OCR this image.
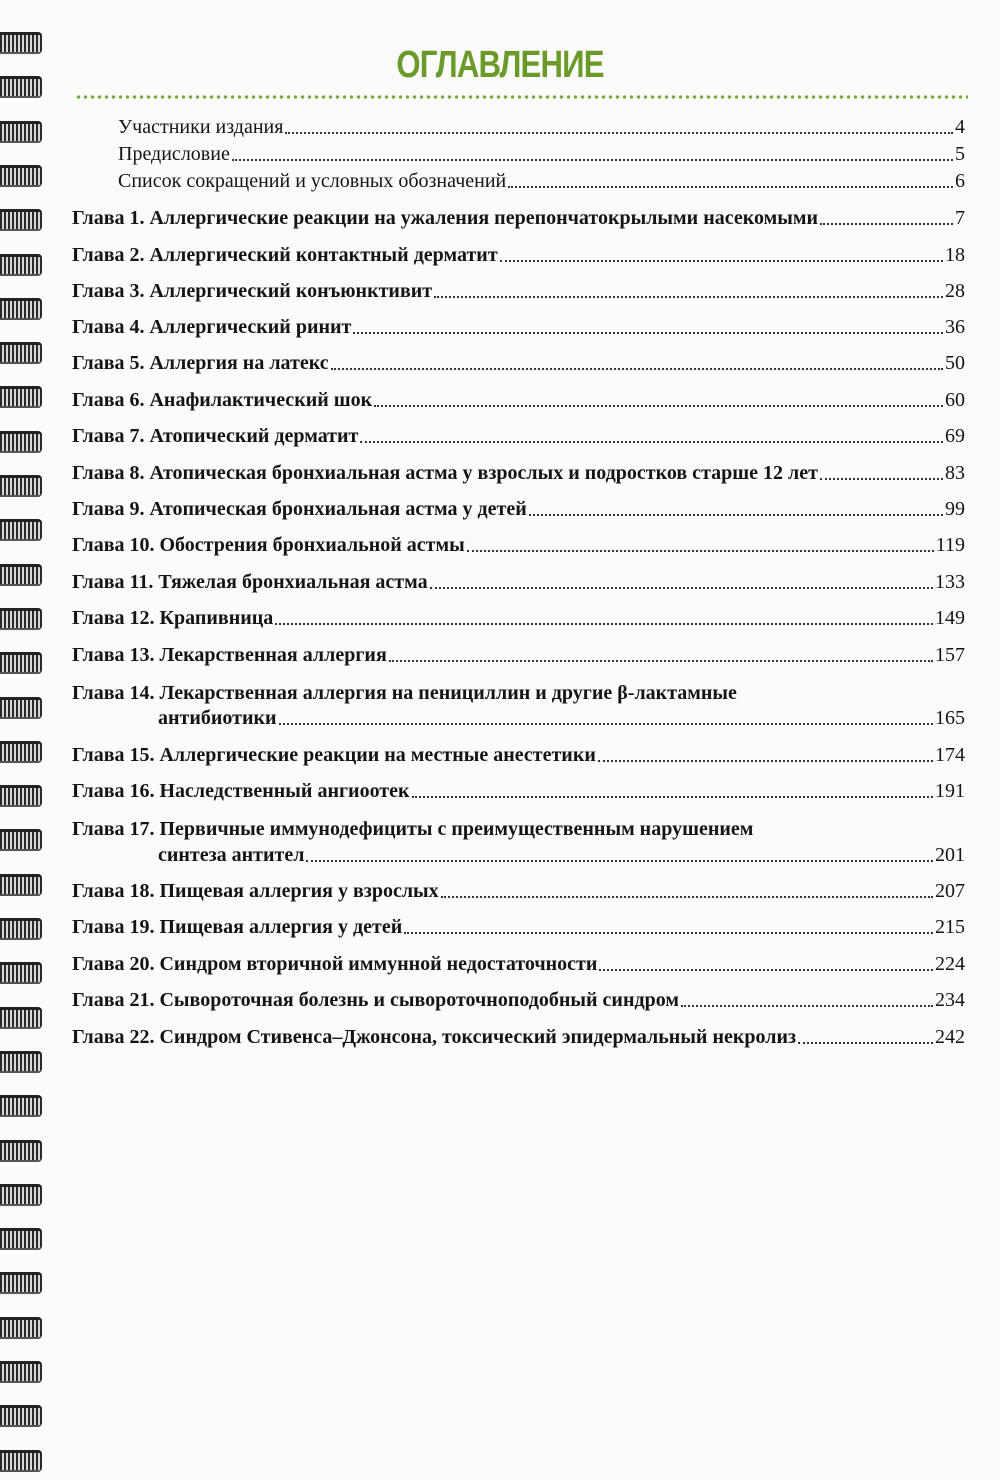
ОГЛАВЛЕНИЕ
Участники издания	4
Предисловие	5
Список сокращений и условных обозначений	6
Глава 1. Аллергические реакции на ужаления перепончатокрылыми насекомыми	7
Глава 2. Аллергический контактный дерматит	18
Глава 3. Аллергический конъюнктивит	28
Глава 4. Аллергический ринит	36
Глава 5. Аллергия на латекс	50
Глава 6. Анафилактический шок	60
Глава 7. Атопический дерматит	69
Глава 8. Атопическая бронхиальная астма у взрослых и подростков старше 12 лет	83
Глава 9. Атопическая бронхиальная астма у детей	99
Глава 10. Обострения бронхиальной астмы	119
Глава 11. Тяжелая бронхиальная астма	133
Глава 12. Крапивница	149
Глава 13. Лекарственная аллергия	157
Глава 14. Лекарственная аллергия на пенициллин и другие β-лактамные
антибиотики	165
Глава 15. Аллергические реакции на местные анестетики	174
Глава 16. Наследственный ангиоотек	191
Глава 17. Первичные иммунодефициты с преимущественным нарушением
синтеза антител	201
Глава 18. Пищевая аллергия у взрослых	207
Глава 19. Пищевая аллергия у детей	215
Глава 20. Синдром вторичной иммунной недостаточности	224
Глава 21. Сывороточная болезнь и сывороточноподобный синдром	234
Глава 22. Синдром Стивенса–Джонсона, токсический эпидермальный некролиз	242
